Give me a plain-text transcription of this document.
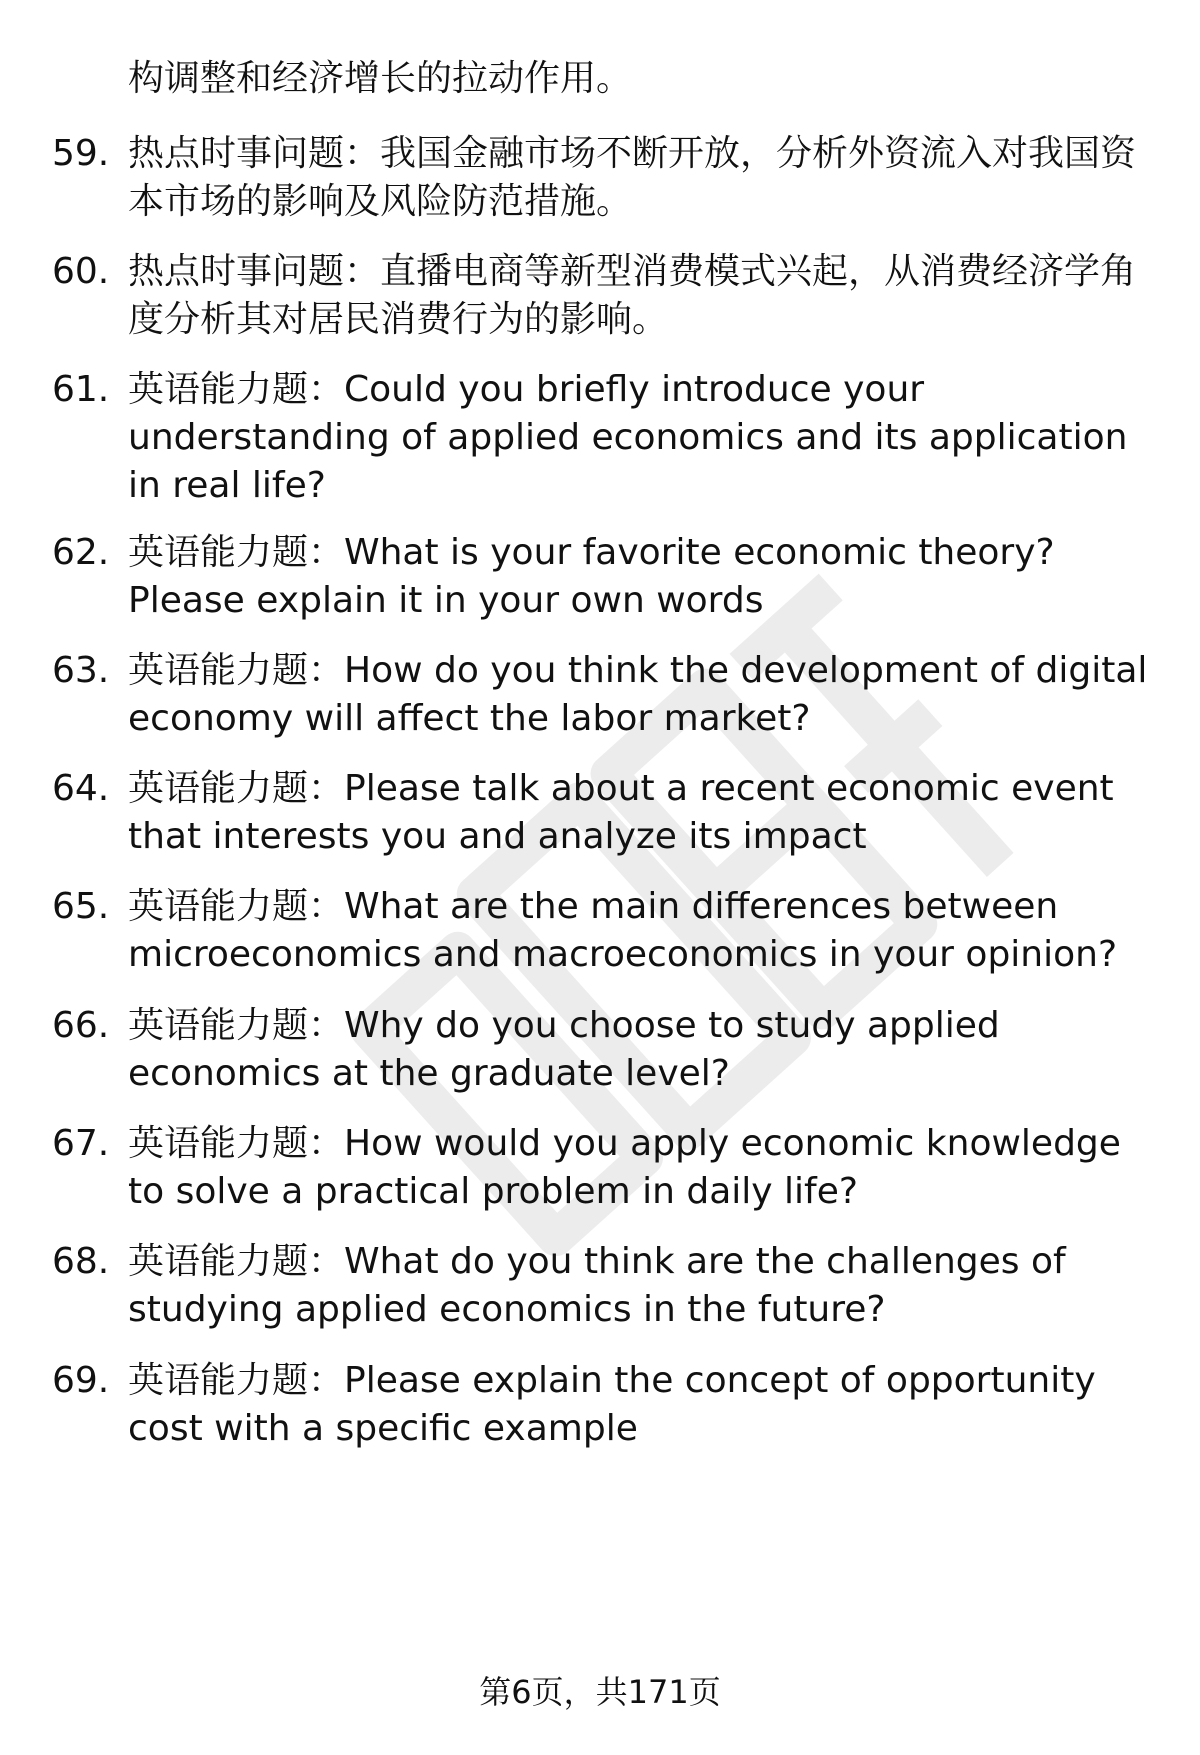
构调整和经济增长的拉动作用。
59. 热点时事问题：我国金融市场不断开放，分析外资流入对我国资本市场的影响及风险防范措施。
60. 热点时事问题：直播电商等新型消费模式兴起，从消费经济学角度分析其对居民消费行为的影响。
61. 英语能力题：Could you briefly introduce your understanding of applied economics and its application in real life?
62. 英语能力题：What is your favorite economic theory? Please explain it in your own words
63. 英语能力题：How do you think the development of digital economy will affect the labor market?
64. 英语能力题：Please talk about a recent economic event that interests you and analyze its impact
65. 英语能力题：What are the main differences between microeconomics and macroeconomics in your opinion?
66. 英语能力题：Why do you choose to study applied economics at the graduate level?
67. 英语能力题：How would you apply economic knowledge to solve a practical problem in daily life?
68. 英语能力题：What do you think are the challenges of studying applied economics in the future?
69. 英语能力题：Please explain the concept of opportunity cost with a specific example
第6页，共171页
